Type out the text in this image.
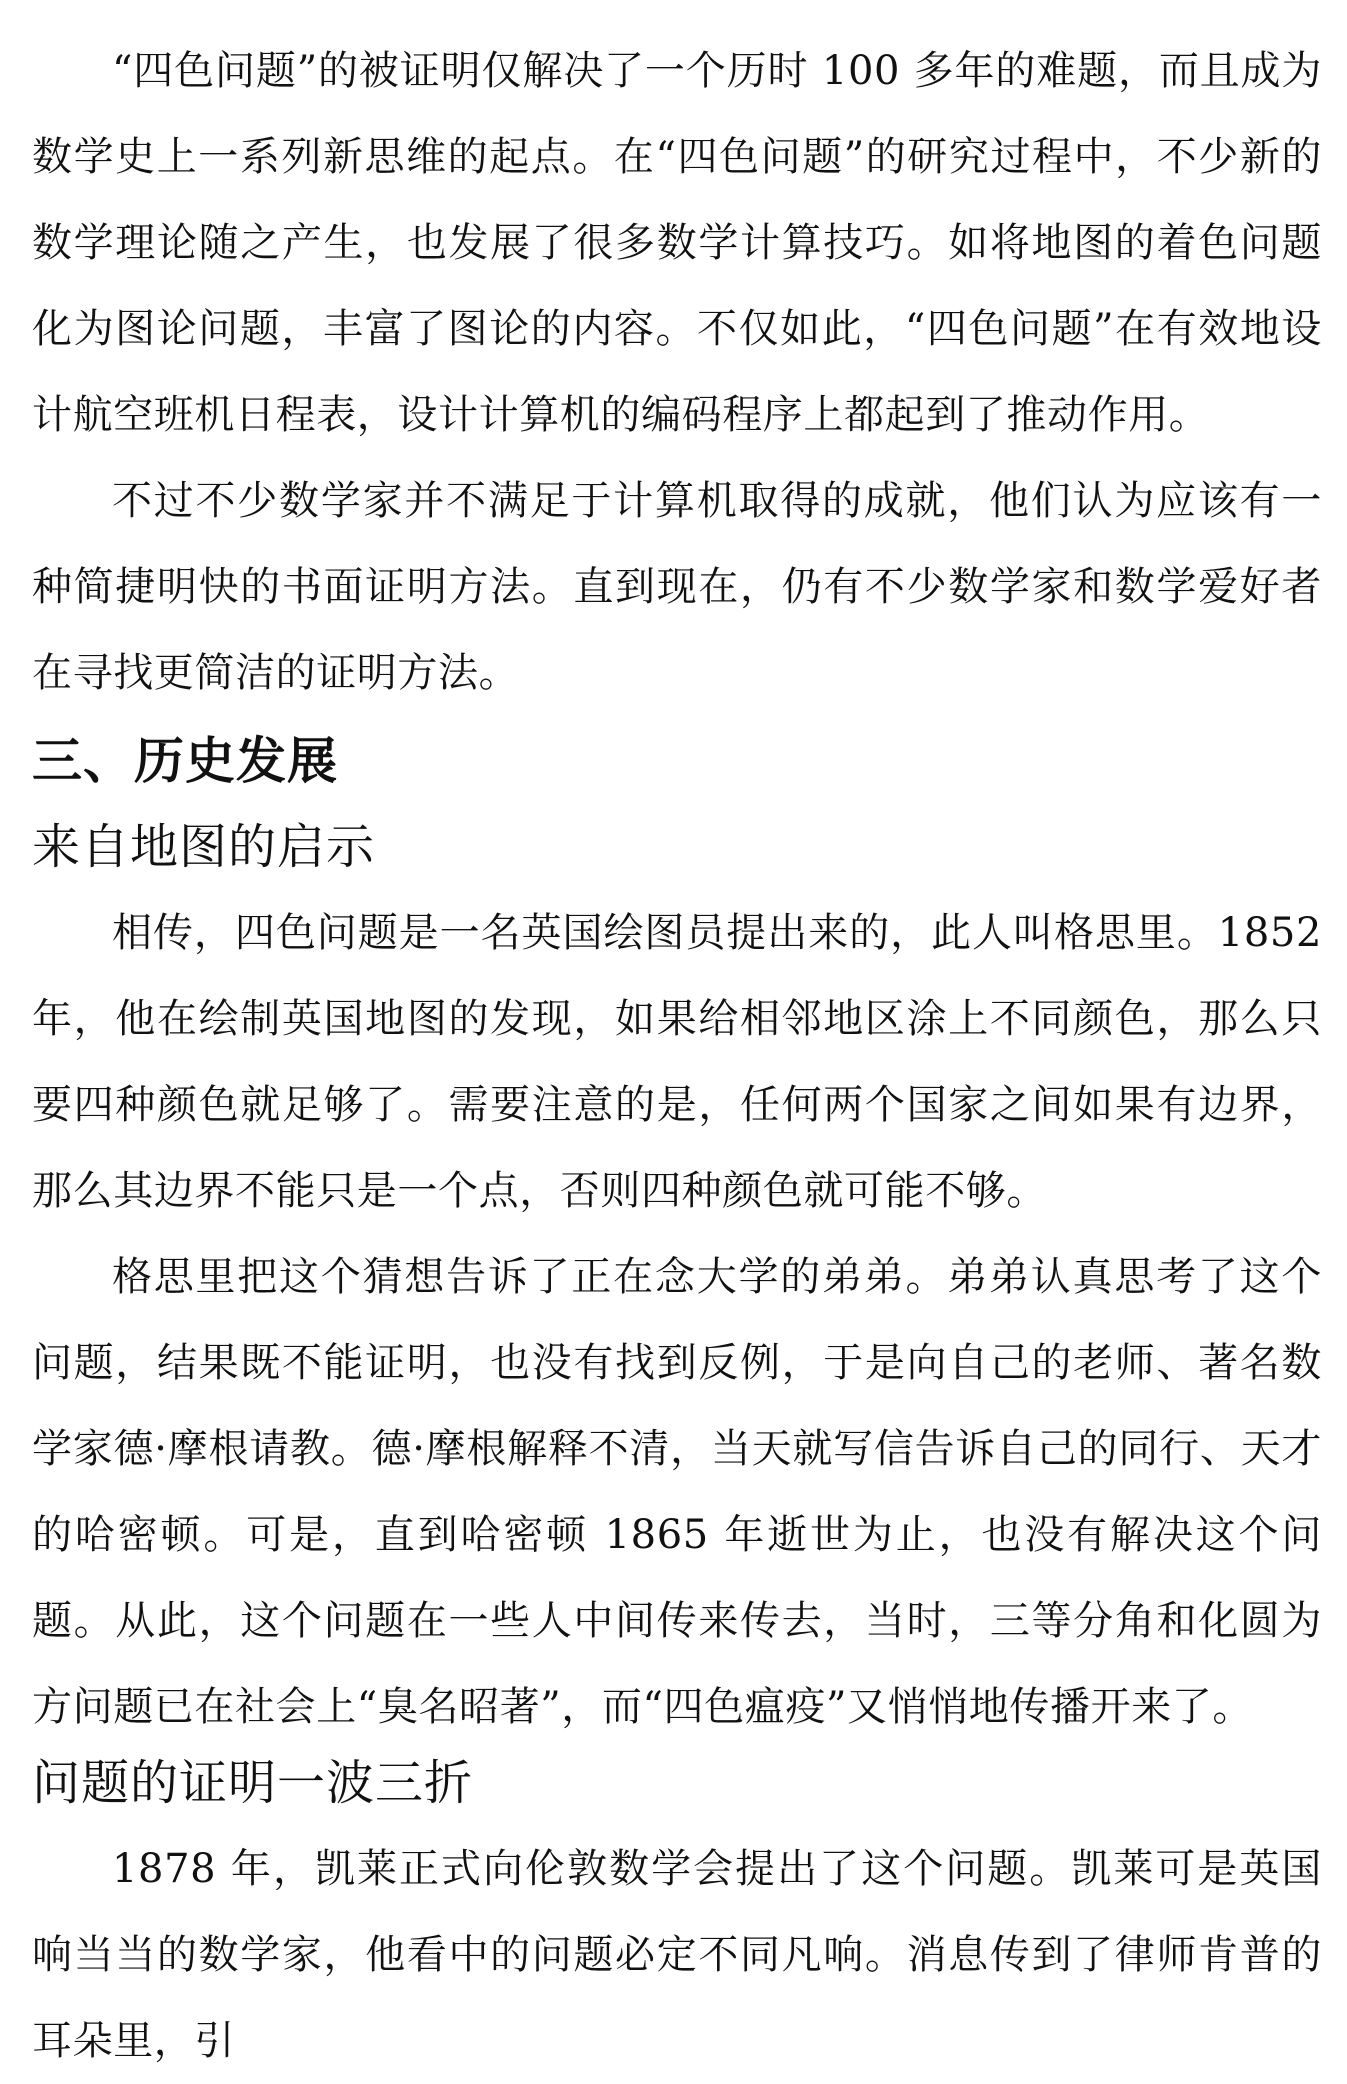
“四色问题”的被证明仅解决了一个历时 100 多年的难题，而且成为数学史上一系列新思维的起点。在“四色问题”的研究过程中，不少新的数学理论随之产生，也发展了很多数学计算技巧。如将地图的着色问题化为图论问题，丰富了图论的内容。不仅如此，“四色问题”在有效地设计航空班机日程表，设计计算机的编码程序上都起到了推动作用。

不过不少数学家并不满足于计算机取得的成就，他们认为应该有一种简捷明快的书面证明方法。直到现在，仍有不少数学家和数学爱好者在寻找更简洁的证明方法。

三、历史发展
来自地图的启示

相传，四色问题是一名英国绘图员提出来的，此人叫格思里。1852 年，他在绘制英国地图的发现，如果给相邻地区涂上不同颜色，那么只要四种颜色就足够了。需要注意的是，任何两个国家之间如果有边界，那么其边界不能只是一个点，否则四种颜色就可能不够。

格思里把这个猜想告诉了正在念大学的弟弟。弟弟认真思考了这个问题，结果既不能证明，也没有找到反例，于是向自己的老师、著名数学家德·摩根请教。德·摩根解释不清，当天就写信告诉自己的同行、天才的哈密顿。可是，直到哈密顿 1865 年逝世为止，也没有解决这个问题。从此，这个问题在一些人中间传来传去，当时，三等分角和化圆为方问题已在社会上“臭名昭著”，而“四色瘟疫”又悄悄地传播开来了。

问题的证明一波三折

1878 年，凯莱正式向伦敦数学会提出了这个问题。凯莱可是英国响当当的数学家，他看中的问题必定不同凡响。消息传到了律师肯普的耳朵里，引
